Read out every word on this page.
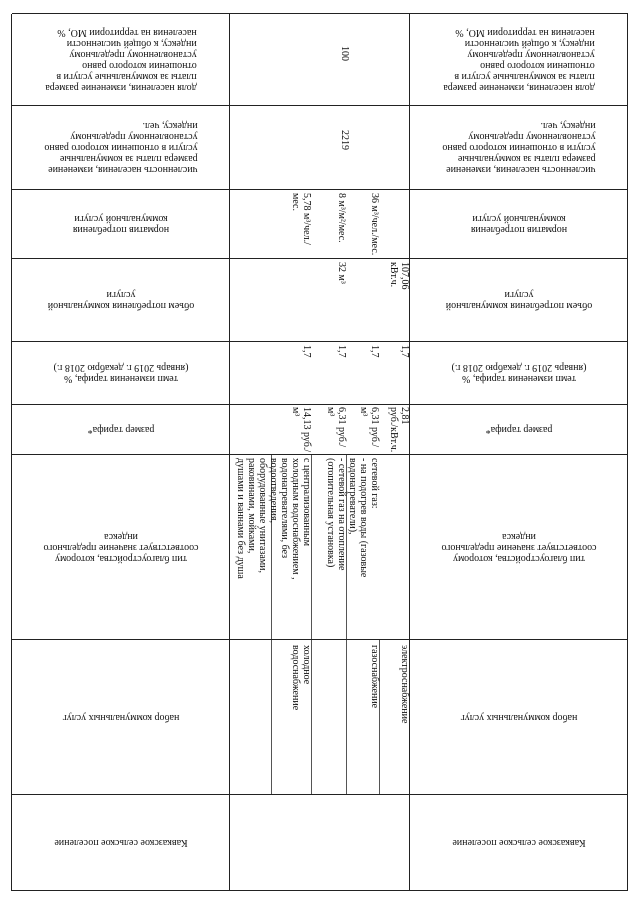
Кавказское сельское поселение
набор коммунальных услуг
тип благоустройства, которому
соответствует значение предельного
индекса
размер тарифа*
темп изменения тарифа, %
(январь 2019 г. декабрю 2018 г.)
объем потребления коммунальной
услуги
норматив потребления
коммунальной услуги
численность населения, изменение
размера платы за коммунальные
услуги в отношении которого равно
установленному предельному
индексу, чел.
доля населения, изменение размера
платы за коммунальные услуги в
отношении которого равно
установленному предельному
индексу, к общей численности
населения на территории МО, %
Кавказское сельское поселение
набор коммунальных услуг
тип благоустройства, которому
соответствует значение предельного
индекса
размер тарифа*
темп изменения тарифа, %
(январь 2019 г. декабрю 2018 г.)
объем потребления коммунальной
услуги
норматив потребления
коммунальной услуги
численность населения, изменение
размера платы за коммунальные
услуги в отношении которого равно
установленному предельному
индексу, чел.
доля населения, изменение размера
платы за коммунальные услуги в
отношении которого равно
установленному предельному
индексу, к общей численности
населения на территории МО, %
электроснабжение
газоснабжение
холодное
водоснабжение
сетевой газ:
- на подогрев воды (газовые
водонагреватели),

- сетевой газ на отопление
(отопительная установка)
с централизованным
холодным водоснабжением ,
водонагревателями, без
водоотведения,
оборудованные унитазами,
раковинами, мойками,
душами и ваннами без душа
2,81
руб./кВт.ч.
6,31 руб./м³
6,31 руб./м³
14,13 руб./м³
1,7
1,7
1,7
1,7
107,06
кВт.ч.
32 м³
36 м³/чел./мес.
8 м³/м²/мес.
5,78 м³/чел./мес.
2219
100
